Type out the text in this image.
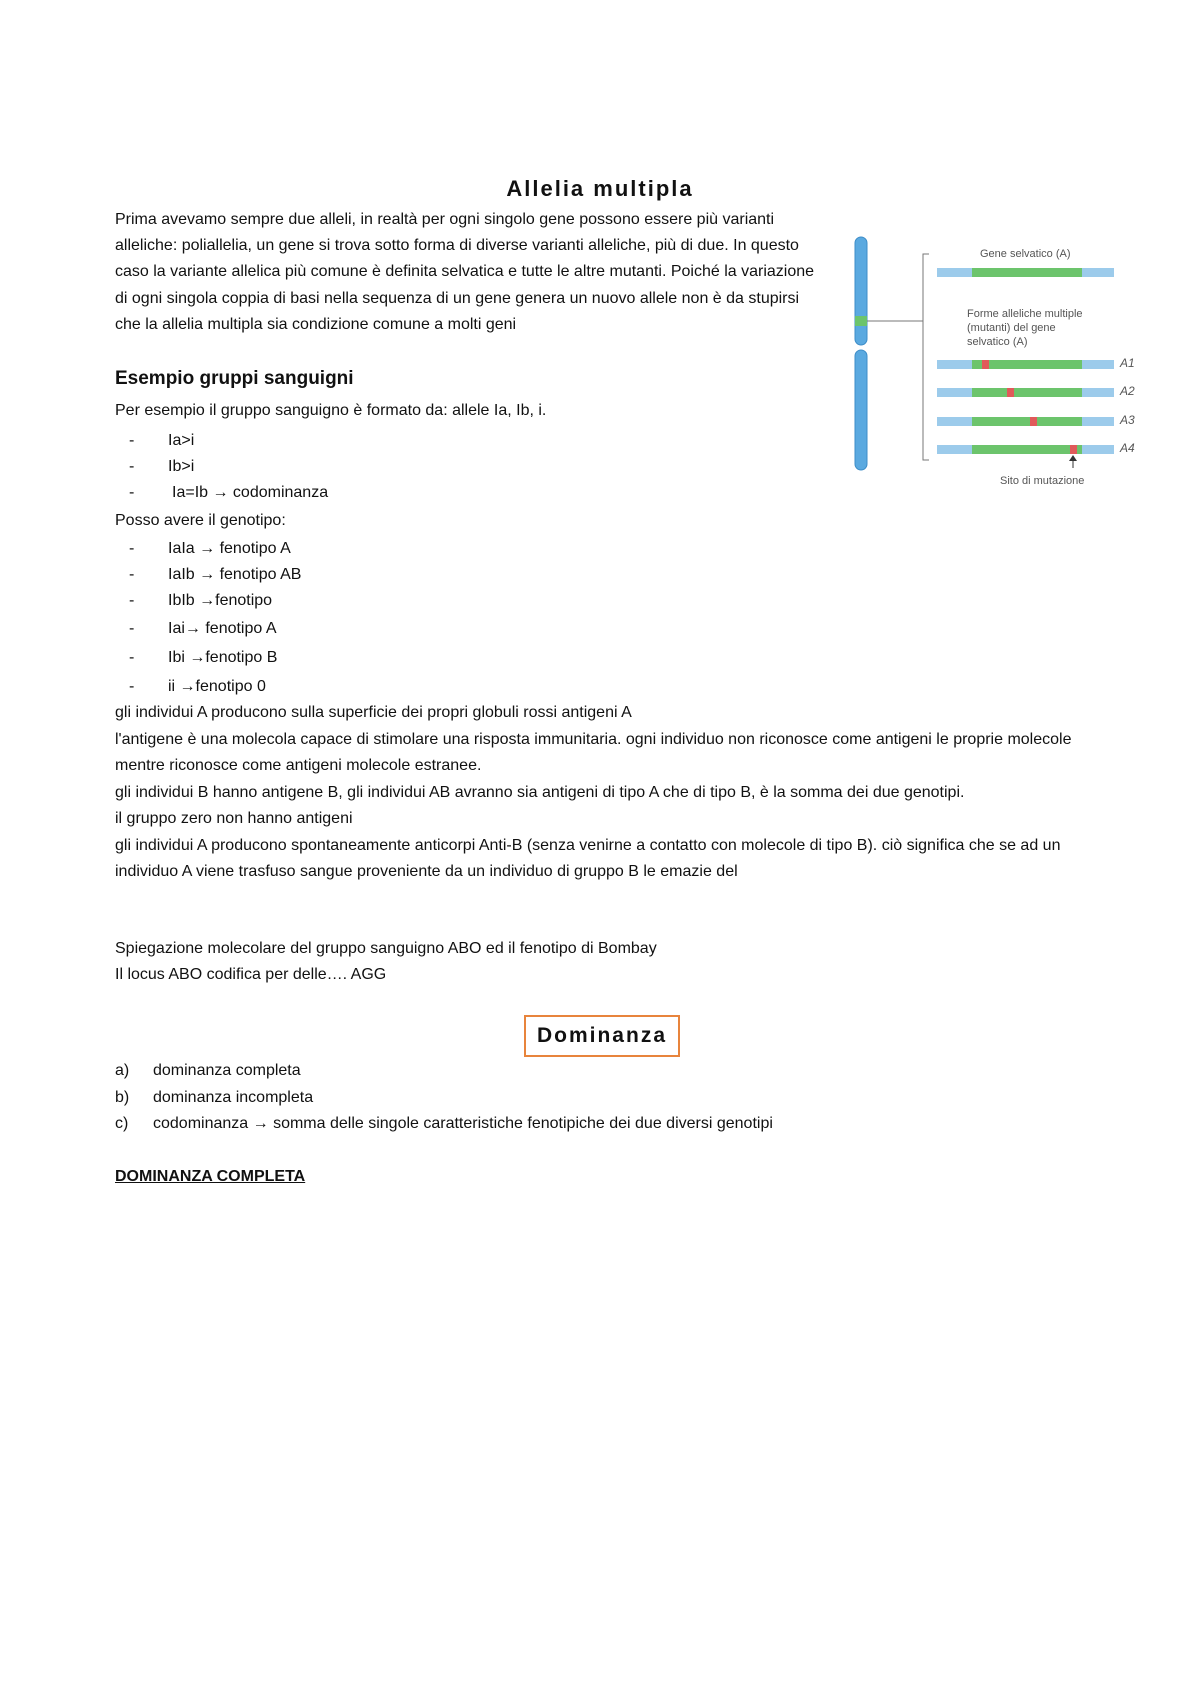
Allelia multipla

Prima avevamo sempre due alleli, in realtà per ogni singolo gene possono essere più varianti alleliche: poliallelia, un gene si trova sotto forma di diverse varianti alleliche, più di due. In questo caso la variante allelica più comune è definita selvatica e tutte le altre mutanti. Poiché la variazione di ogni singola coppia di basi nella sequenza di un gene genera un nuovo allele non è da stupirsi che la allelia multipla sia condizione comune a molti geni

Esempio gruppi sanguigni

Per esempio il gruppo sanguigno è formato da: allele Ia, Ib, i.

- Ia>i
- Ib>i
- Ia=Ib → codominanza

Posso avere il genotipo:

- IaIa → fenotipo A
- IaIb → fenotipo AB
- IbIb →fenotipo
- Iai→ fenotipo A
- Ibi →fenotipo B
- ii →fenotipo 0

gli individui A producono sulla superficie dei propri globuli rossi antigeni A

l'antigene è una molecola capace di stimolare una risposta immunitaria. ogni individuo non riconosce come antigeni le proprie molecole mentre riconosce come antigeni molecole estranee.

gli individui B hanno antigene B, gli individui AB avranno sia antigeni di tipo A che di tipo B, è la somma dei due genotipi.

il gruppo zero non hanno antigeni

gli individui A producono spontaneamente anticorpi Anti-B (senza venirne a contatto con molecole di tipo B). ciò significa che se ad un individuo A viene trasfuso sangue proveniente da un individuo di gruppo B le emazie del

Spiegazione molecolare del gruppo sanguigno ABO ed il fenotipo di Bombay

Il locus ABO codifica per delle…. AGG

Dominanza
a) dominanza completa
b) dominanza incompleta
c) codominanza → somma delle singole caratteristiche fenotipiche dei due diversi genotipi

DOMINANZA COMPLETA

Gene selvatico (A)
Forme alleliche multiple
(mutanti) del gene
selvatico (A)
A1
A2
A3
A4
Sito di mutazione
